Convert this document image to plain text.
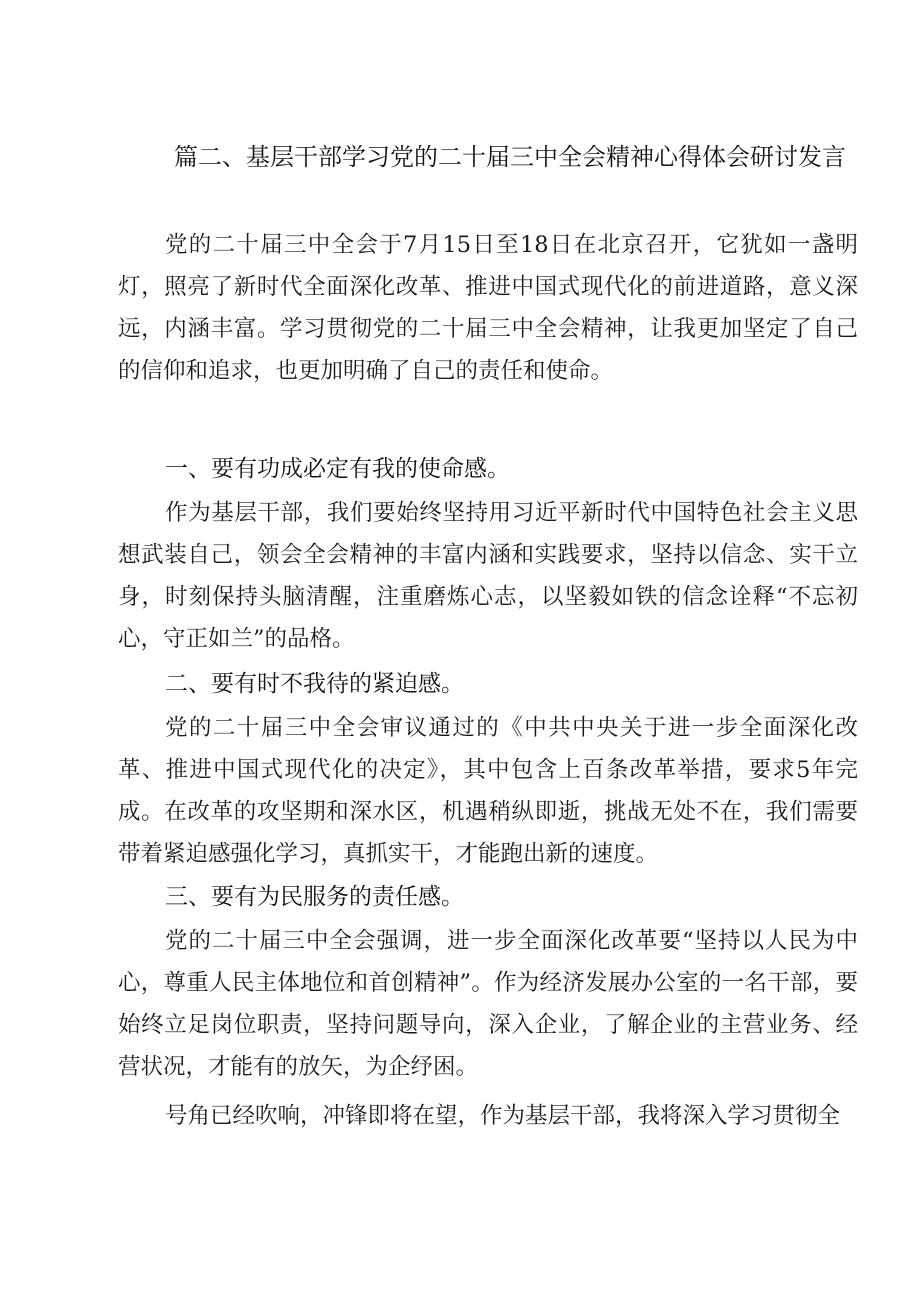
篇二、基层干部学习党的二十届三中全会精神心得体会研讨发言

党的二十届三中全会于7月15日至18日在北京召开，它犹如一盏明灯，照亮了新时代全面深化改革、推进中国式现代化的前进道路，意义深远，内涵丰富。学习贯彻党的二十届三中全会精神，让我更加坚定了自己的信仰和追求，也更加明确了自己的责任和使命。

一、要有功成必定有我的使命感。

作为基层干部，我们要始终坚持用习近平新时代中国特色社会主义思想武装自己，领会全会精神的丰富内涵和实践要求，坚持以信念、实干立身，时刻保持头脑清醒，注重磨炼心志，以坚毅如铁的信念诠释“不忘初心，守正如兰”的品格。

二、要有时不我待的紧迫感。

党的二十届三中全会审议通过的《中共中央关于进一步全面深化改革、推进中国式现代化的决定》，其中包含上百条改革举措，要求5年完成。在改革的攻坚期和深水区，机遇稍纵即逝，挑战无处不在，我们需要带着紧迫感强化学习，真抓实干，才能跑出新的速度。

三、要有为民服务的责任感。

党的二十届三中全会强调，进一步全面深化改革要“坚持以人民为中心，尊重人民主体地位和首创精神”。作为经济发展办公室的一名干部，要始终立足岗位职责，坚持问题导向，深入企业，了解企业的主营业务、经营状况，才能有的放矢，为企纾困。

号角已经吹响，冲锋即将在望，作为基层干部，我将深入学习贯彻全
